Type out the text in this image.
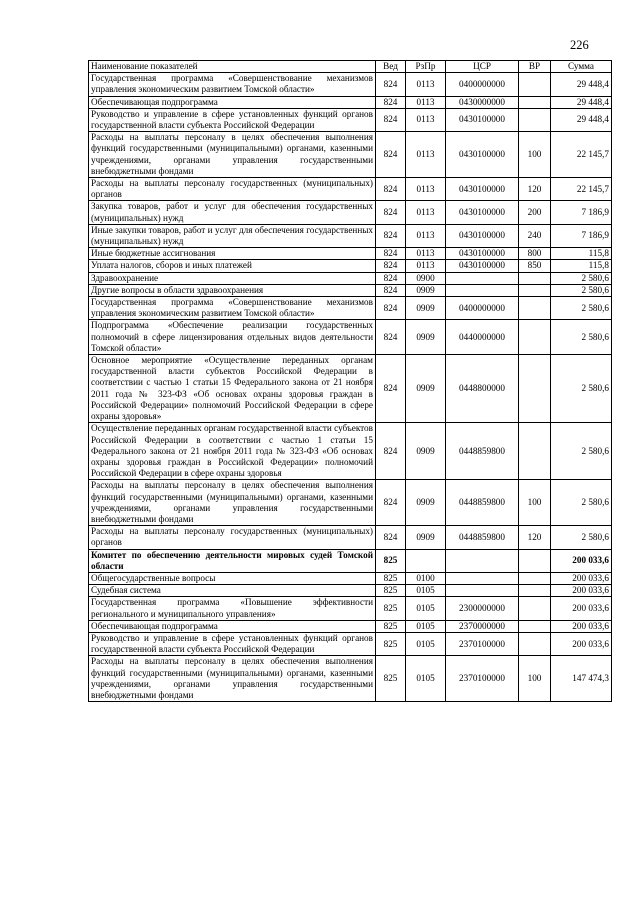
226
Наименование показателей	Вед	РзПр	ЦСР	ВР	Сумма
Государственная программа «Совершенствование механизмов управления экономическим развитием Томской области»	824	0113	0400000000		29 448,4
Обеспечивающая подпрограмма	824	0113	0430000000		29 448,4
Руководство и управление в сфере установленных функций органов государственной власти субъекта Российской Федерации	824	0113	0430100000		29 448,4
Расходы на выплаты персоналу в целях обеспечения выполнения функций государственными (муниципальными) органами, казенными учреждениями, органами управления государственными внебюджетными фондами	824	0113	0430100000	100	22 145,7
Расходы на выплаты персоналу государственных (муниципальных) органов	824	0113	0430100000	120	22 145,7
Закупка товаров, работ и услуг для обеспечения государственных (муниципальных) нужд	824	0113	0430100000	200	7 186,9
Иные закупки товаров, работ и услуг для обеспечения государственных (муниципальных) нужд	824	0113	0430100000	240	7 186,9
Иные бюджетные ассигнования	824	0113	0430100000	800	115,8
Уплата налогов, сборов и иных платежей	824	0113	0430100000	850	115,8
Здравоохранение	824	0900			2 580,6
Другие вопросы в области здравоохранения	824	0909			2 580,6
Государственная программа «Совершенствование механизмов управления экономическим развитием Томской области»	824	0909	0400000000		2 580,6
Подпрограмма «Обеспечение реализации государственных полномочий в сфере лицензирования отдельных видов деятельности Томской области»	824	0909	0440000000		2 580,6
Основное мероприятие «Осуществление переданных органам государственной власти субъектов Российской Федерации в соответствии с частью 1 статьи 15 Федерального закона от 21 ноября 2011 года № 323-ФЗ «Об основах охраны здоровья граждан в Российской Федерации» полномочий Российской Федерации в сфере охраны здоровья»	824	0909	0448800000		2 580,6
Осуществление переданных органам государственной власти субъектов Российской Федерации в соответствии с частью 1 статьи 15 Федерального закона от 21 ноября 2011 года № 323-ФЗ «Об основах охраны здоровья граждан в Российской Федерации» полномочий Российской Федерации в сфере охраны здоровья	824	0909	0448859800		2 580,6
Расходы на выплаты персоналу в целях обеспечения выполнения функций государственными (муниципальными) органами, казенными учреждениями, органами управления государственными внебюджетными фондами	824	0909	0448859800	100	2 580,6
Расходы на выплаты персоналу государственных (муниципальных) органов	824	0909	0448859800	120	2 580,6
Комитет по обеспечению деятельности мировых судей Томской области	825				200 033,6
Общегосударственные вопросы	825	0100			200 033,6
Судебная система	825	0105			200 033,6
Государственная программа «Повышение эффективности регионального и муниципального управления»	825	0105	2300000000		200 033,6
Обеспечивающая подпрограмма	825	0105	2370000000		200 033,6
Руководство и управление в сфере установленных функций органов государственной власти субъекта Российской Федерации	825	0105	2370100000		200 033,6
Расходы на выплаты персоналу в целях обеспечения выполнения функций государственными (муниципальными) органами, казенными учреждениями, органами управления государственными внебюджетными фондами	825	0105	2370100000	100	147 474,3
